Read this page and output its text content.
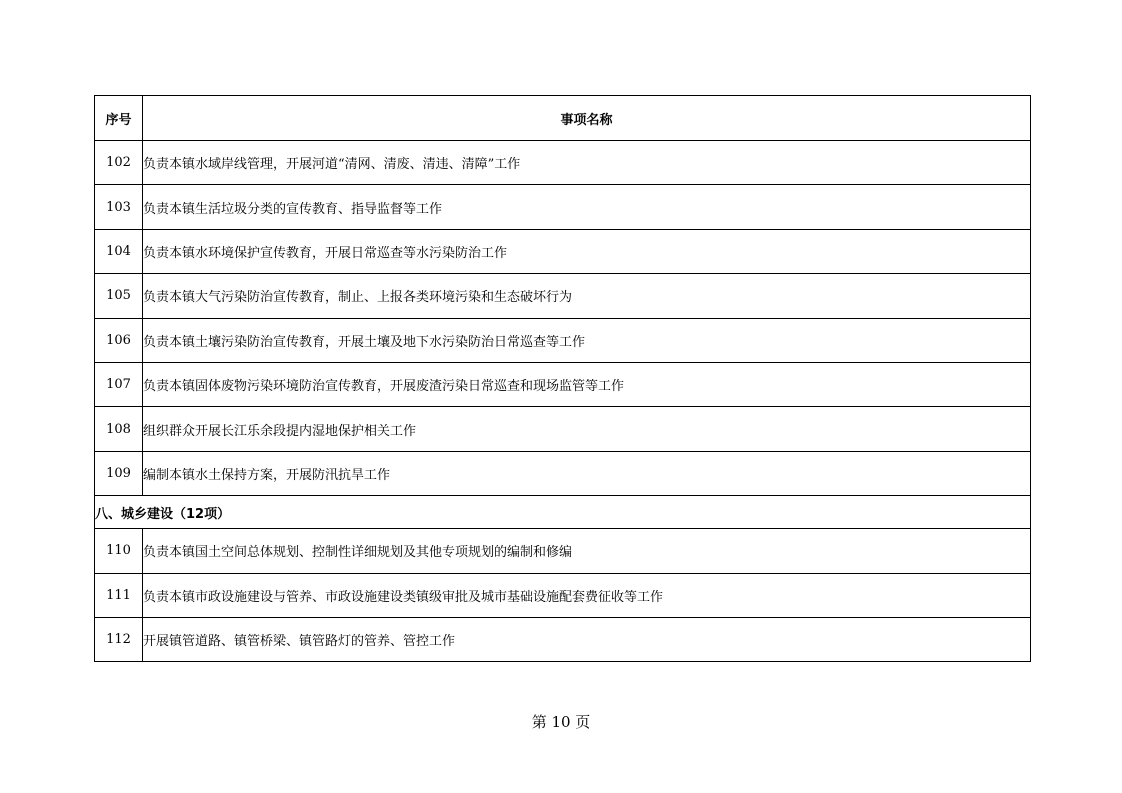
序号	事项名称
102	负责本镇水域岸线管理，开展河道“清网、清废、清违、清障”工作
103	负责本镇生活垃圾分类的宣传教育、指导监督等工作
104	负责本镇水环境保护宣传教育，开展日常巡查等水污染防治工作
105	负责本镇大气污染防治宣传教育，制止、上报各类环境污染和生态破坏行为
106	负责本镇土壤污染防治宣传教育，开展土壤及地下水污染防治日常巡查等工作
107	负责本镇固体废物污染环境防治宣传教育，开展废渣污染日常巡查和现场监管等工作
108	组织群众开展长江乐余段提内湿地保护相关工作
109	编制本镇水土保持方案，开展防汛抗旱工作
八、城乡建设（12项）	
110	负责本镇国土空间总体规划、控制性详细规划及其他专项规划的编制和修编
111	负责本镇市政设施建设与管养、市政设施建设类镇级审批及城市基础设施配套费征收等工作
112	开展镇管道路、镇管桥梁、镇管路灯的管养、管控工作
第 10 页
